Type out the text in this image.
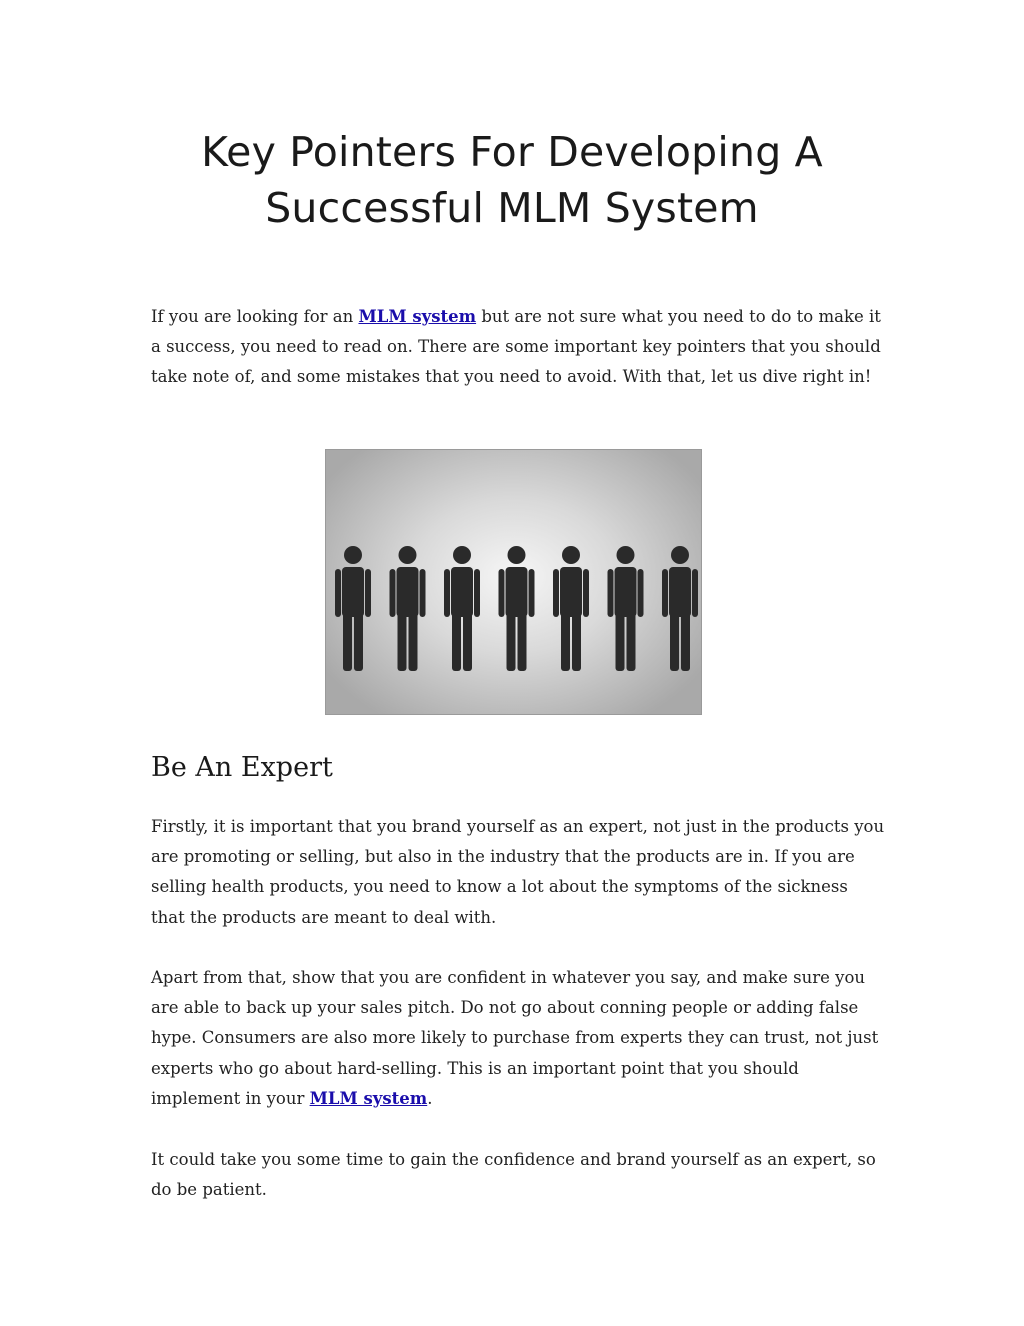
Key Pointers For Developing A
Successful MLM System

If you are looking for an MLM system but are not sure what you need to do to make it a success, you need to read on. There are some important key pointers that you should take note of, and some mistakes that you need to avoid. With that, let us dive right in!

Be An Expert

Firstly, it is important that you brand yourself as an expert, not just in the products you are promoting or selling, but also in the industry that the products are in. If you are selling health products, you need to know a lot about the symptoms of the sickness that the products are meant to deal with.

Apart from that, show that you are confident in whatever you say, and make sure you are able to back up your sales pitch. Do not go about conning people or adding false hype. Consumers are also more likely to purchase from experts they can trust, not just experts who go about hard-selling. This is an important point that you should implement in your MLM system.

It could take you some time to gain the confidence and brand yourself as an expert, so do be patient.
